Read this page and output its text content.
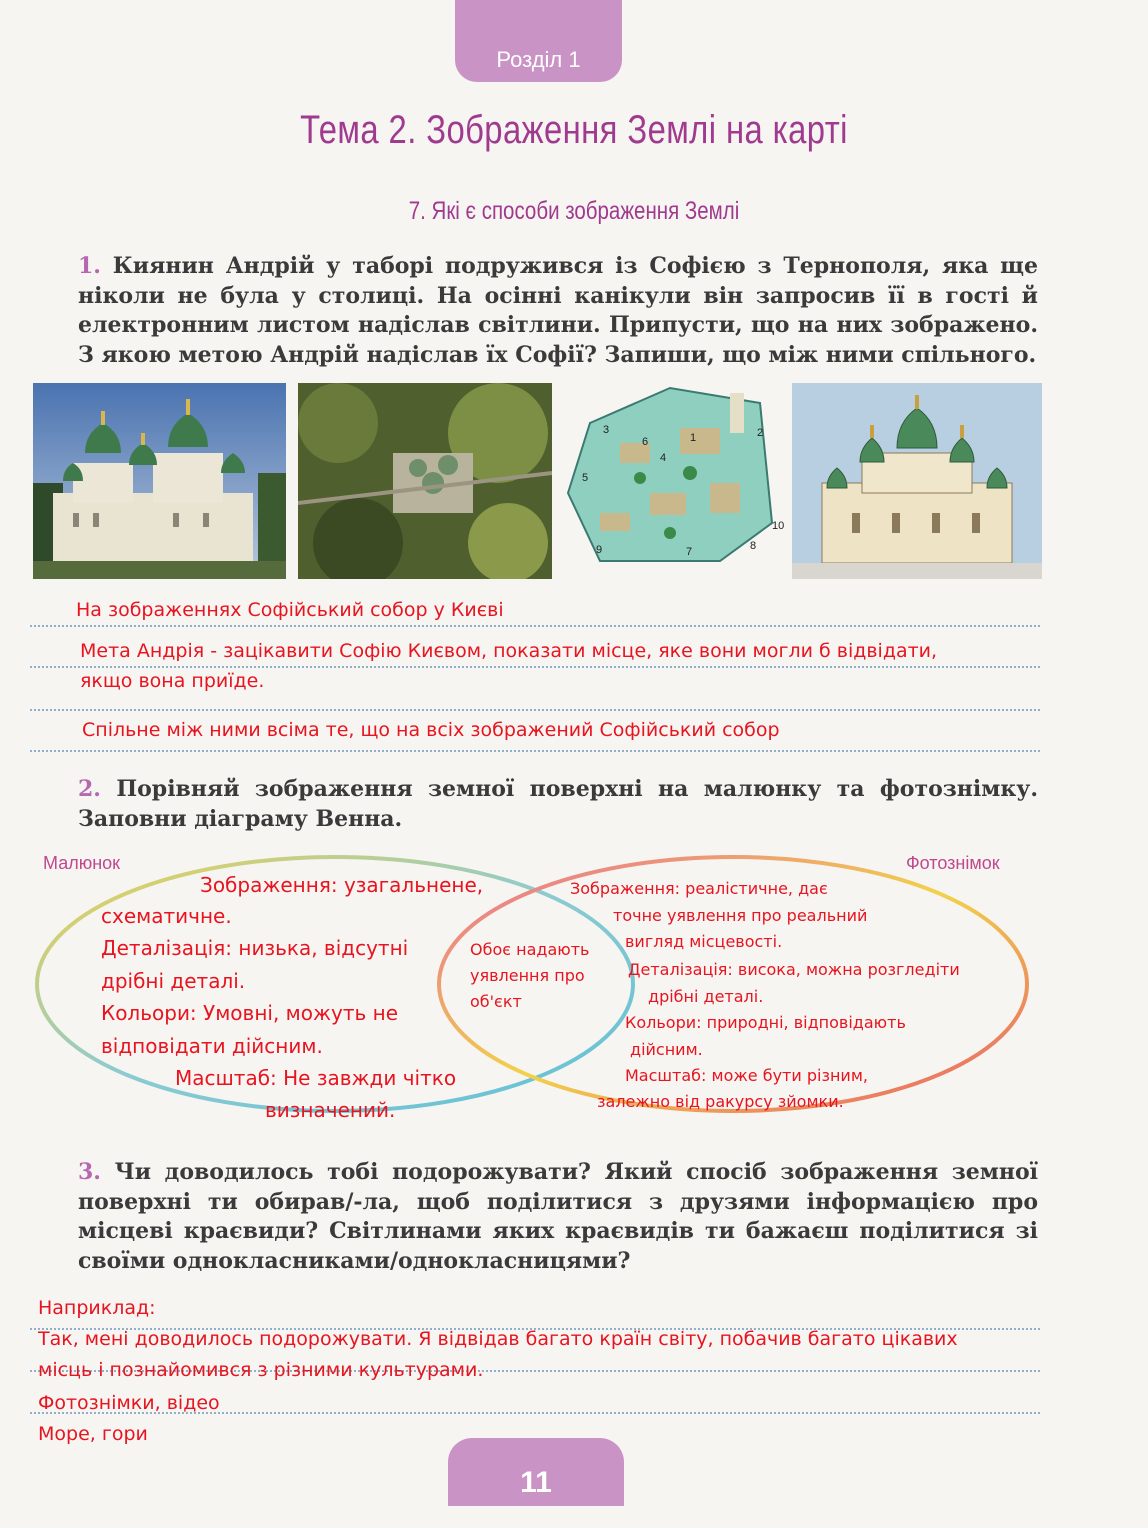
Розділ 1
Тема 2. Зображення Землі на карті
7. Які є способи зображення Землі
1. Киянин Андрій у таборі подружився із Софією з Тернополя, яка ще ніколи не була у столиці. На осінні канікули він запросив її в гості й електронним листом надіслав світлини. Припусти, що на них зображено. З якою метою Андрій надіслав їх Софії? Запиши, що між ними спільного.
1	2
3
4
5
6
7	8
9
10
На зображеннях Софійський собор у Києві
Мета Андрія - зацікавити Софію Києвом, показати місце, яке вони могли б відвідати,
якщо вона приїде.
Спільне між ними всіма те, що на всіх зображений Софійський собор
2. Порівняй зображення земної поверхні на малюнку та фотознімку. Заповни діаграму Венна.
Малюнок	Фотознімок
Зображення: узагальнене,
схематичне.
Деталізація: низька, відсутні
дрібні деталі.
Кольори: Умовні, можуть не
відповідати дійсним.
Масштаб: Не завжди чітко
визначений.
Обоє надають
уявлення про
об'єкт
Зображення: реалістичне, дає
точне уявлення про реальний
вигляд місцевості.
Деталізація: висока, можна розгледіти
дрібні деталі.
Кольори: природні, відповідають
дійсним.
Масштаб: може бути різним,
залежно від ракурсу зйомки.
3. Чи доводилось тобі подорожувати? Який спосіб зображення земної поверхні ти обирав/-ла, щоб поділитися з друзями інформацією про місцеві краєвиди? Світлинами яких краєвидів ти бажаєш поділитися зі своїми однокласниками/однокласницями?
Наприклад:
Так, мені доводилось подорожувати. Я відвідав багато країн світу, побачив багато цікавих
місць і познайомився з різними культурами.
Фотознімки, відео
Море, гори
11
